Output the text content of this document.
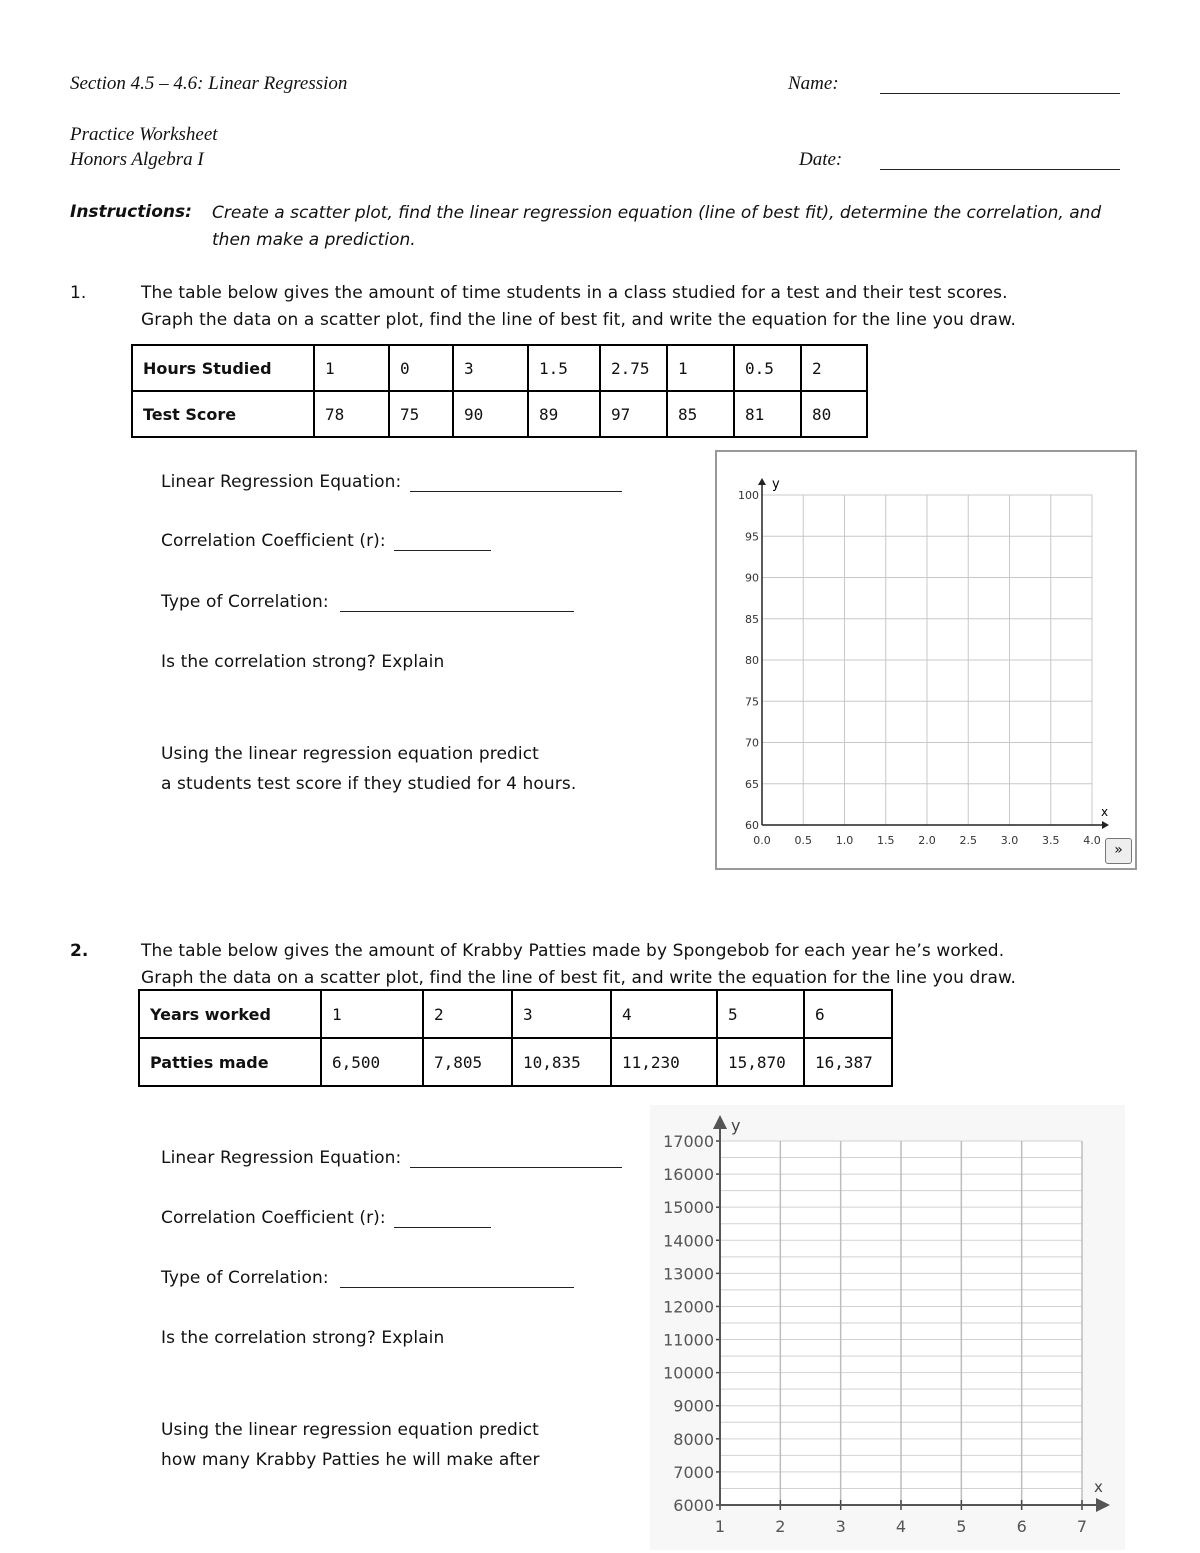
Section 4.5 – 4.6: Linear Regression	Name:
Practice Worksheet
Honors Algebra I	Date:
Instructions: Create a scatter plot, find the linear regression equation (line of best fit), determine the correlation, and
then make a prediction.
1.	The table below gives the amount of time students in a class studied for a test and their test scores.
Graph the data on a scatter plot, find the line of best fit, and write the equation for the line you draw.
Hours Studied	1	0	3	1.5	2.75	1	0.5	2
Test Score	78	75	90	89	97	85	81	80
Linear Regression Equation:
Correlation Coefficient (r):
Type of Correlation:
Is the correlation strong? Explain
Using the linear regression equation predict
a students test score if they studied for 4 hours.
60
65
70
75
80
85
90
95
100
0.0 0.5 1.0 1.5 2.0 2.5 3.0 3.5 4.0
y
x
»
2.	The table below gives the amount of Krabby Patties made by Spongebob for each year he’s worked.
Graph the data on a scatter plot, find the line of best fit, and write the equation for the line you draw.
Years worked	1	2	3	4	5	6
Patties made	6,500	7,805	10,835	11,230	15,870	16,387
Linear Regression Equation:
Correlation Coefficient (r):
Type of Correlation:
Is the correlation strong? Explain
Using the linear regression equation predict
how many Krabby Patties he will make after
6000
7000
8000
9000
10000
11000
12000
13000
14000
15000
16000
17000
1	2	3	4	5	6	7
y
x
